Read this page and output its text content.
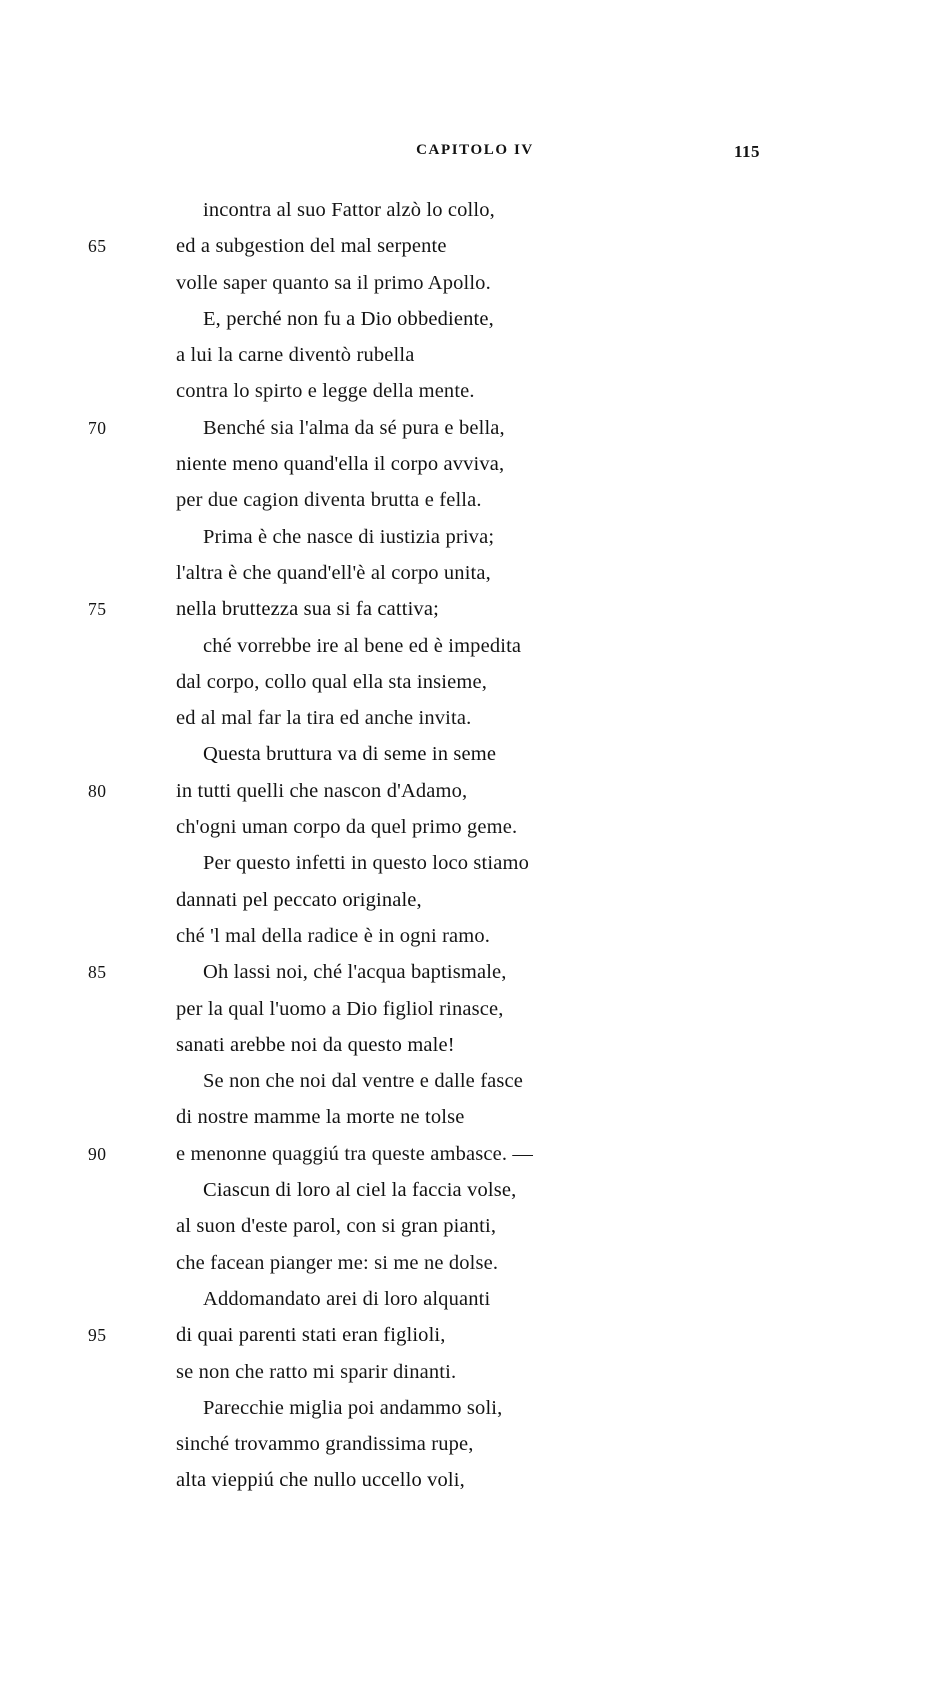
CAPITOLO IV	115
incontra al suo Fattor alzò lo collo,
65	ed a subgestion del mal serpente
volle saper quanto sa il primo Apollo.
E, perché non fu a Dio obbediente,
a lui la carne diventò rubella
contra lo spirto e legge della mente.
70	Benché sia l'alma da sé pura e bella,
niente meno quand'ella il corpo avviva,
per due cagion diventa brutta e fella.
Prima è che nasce di iustizia priva;
l'altra è che quand'ell'è al corpo unita,
75	nella bruttezza sua si fa cattiva;
ché vorrebbe ire al bene ed è impedita
dal corpo, collo qual ella sta insieme,
ed al mal far la tira ed anche invita.
Questa bruttura va di seme in seme
80	in tutti quelli che nascon d'Adamo,
ch'ogni uman corpo da quel primo geme.
Per questo infetti in questo loco stiamo
dannati pel peccato originale,
ché 'l mal della radice è in ogni ramo.
85	Oh lassi noi, ché l'acqua baptismale,
per la qual l'uomo a Dio figliol rinasce,
sanati arebbe noi da questo male!
Se non che noi dal ventre e dalle fasce
di nostre mamme la morte ne tolse
90	e menonne quaggiú tra queste ambasce. —
Ciascun di loro al ciel la faccia volse,
al suon d'este parol, con si gran pianti,
che facean pianger me: si me ne dolse.
Addomandato arei di loro alquanti
95	di quai parenti stati eran figlioli,
se non che ratto mi sparir dinanti.
Parecchie miglia poi andammo soli,
sinché trovammo grandissima rupe,
alta vieppiú che nullo uccello voli,
